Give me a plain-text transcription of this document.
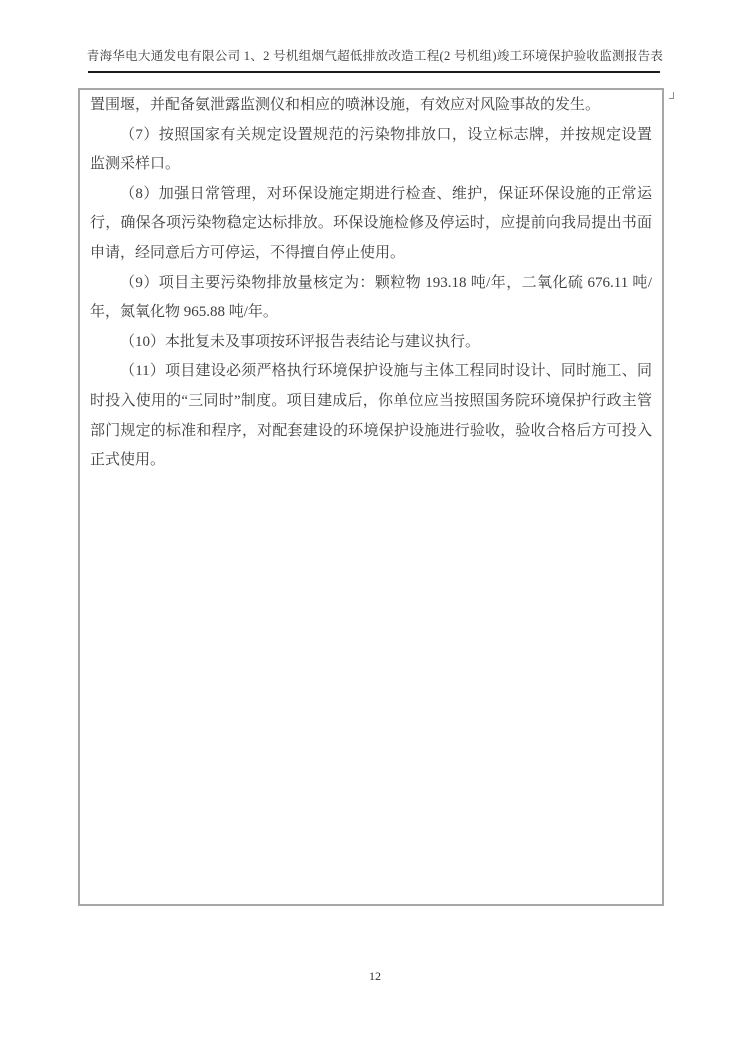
青海华电大通发电有限公司 1、2 号机组烟气超低排放改造工程(2 号机组)竣工环境保护验收监测报告表

置围堰，并配备氨泄露监测仪和相应的喷淋设施，有效应对风险事故的发生。

（7）按照国家有关规定设置规范的污染物排放口，设立标志牌，并按规定设置监测采样口。

（8）加强日常管理，对环保设施定期进行检查、维护，保证环保设施的正常运行，确保各项污染物稳定达标排放。环保设施检修及停运时，应提前向我局提出书面申请，经同意后方可停运，不得擅自停止使用。

（9）项目主要污染物排放量核定为：颗粒物 193.18 吨/年，二氧化硫 676.11 吨/年，氮氧化物 965.88 吨/年。

（10）本批复未及事项按环评报告表结论与建议执行。

（11）项目建设必须严格执行环境保护设施与主体工程同时设计、同时施工、同时投入使用的“三同时”制度。项目建成后，你单位应当按照国务院环境保护行政主管部门规定的标准和程序，对配套建设的环境保护设施进行验收，验收合格后方可投入正式使用。

12
